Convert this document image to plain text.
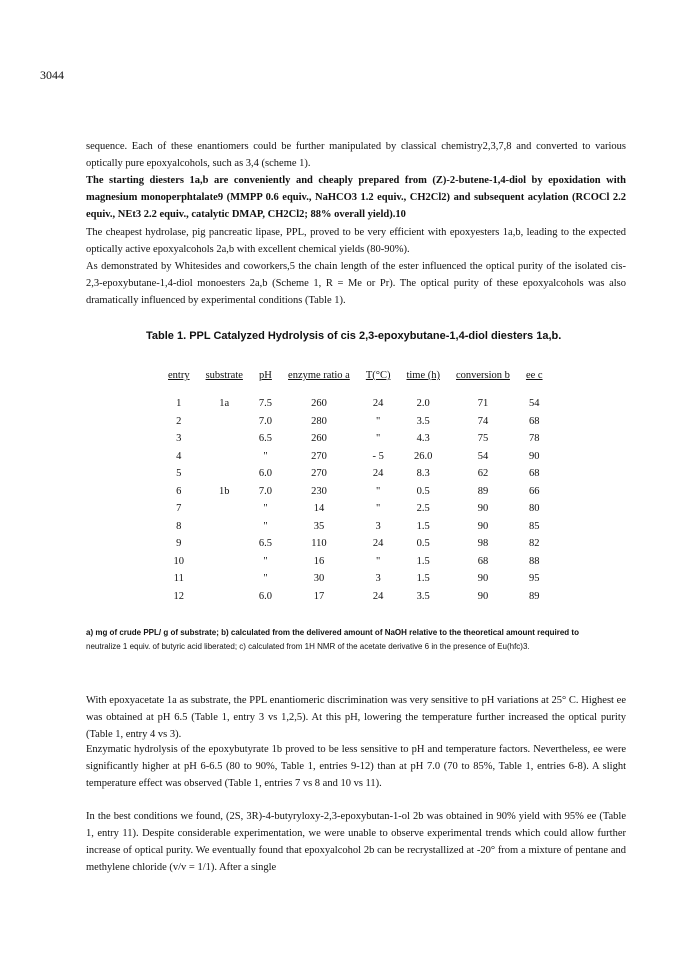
3044
sequence. Each of these enantiomers could be further manipulated by classical chemistry2,3,7,8 and converted to various optically pure epoxyalcohols, such as 3,4 (scheme 1).
The starting diesters 1a,b are conveniently and cheaply prepared from (Z)-2-butene-1,4-diol by epoxidation with magnesium monoperphtalate9 (MMPP 0.6 equiv., NaHCO3 1.2 equiv., CH2Cl2) and subsequent acylation (RCOCl 2.2 equiv., NEt3 2.2 equiv., catalytic DMAP, CH2Cl2; 88% overall yield).10
The cheapest hydrolase, pig pancreatic lipase, PPL, proved to be very efficient with epoxyesters 1a,b, leading to the expected optically active epoxyalcohols 2a,b with excellent chemical yields (80-90%).
As demonstrated by Whitesides and coworkers,5 the chain length of the ester influenced the optical purity of the isolated cis-2,3-epoxybutane-1,4-diol monoesters 2a,b (Scheme 1, R = Me or Pr). The optical purity of these epoxyalcohols was also dramatically influenced by experimental conditions (Table 1).
Table 1. PPL Catalyzed Hydrolysis of cis 2,3-epoxybutane-1,4-diol diesters 1a,b.
entry	substrate	pH	enzyme ratio a	T(°C)	time (h)	conversion b	ee c
1	1a	7.5	260	24	2.0	71	54
2		7.0	280	"	3.5	74	68
3		6.5	260	"	4.3	75	78
4		"	270	- 5	26.0	54	90
5		6.0	270	24	8.3	62	68
6	1b	7.0	230	"	0.5	89	66
7		"	14	"	2.5	90	80
8		"	35	3	1.5	90	85
9		6.5	110	24	0.5	98	82
10		"	16	"	1.5	68	88
11		"	30	3	1.5	90	95
12		6.0	17	24	3.5	90	89
a) mg of crude PPL/ g of substrate; b) calculated from the delivered amount of NaOH relative to the theoretical amount required to
neutralize 1 equiv. of butyric acid liberated; c) calculated from 1H NMR of the acetate derivative 6 in the presence of Eu(hfc)3.
With epoxyacetate 1a as substrate, the PPL enantiomeric discrimination was very sensitive to pH variations at 25° C. Highest ee was obtained at pH 6.5 (Table 1, entry 3 vs 1,2,5). At this pH, lowering the temperature further increased the optical purity (Table 1, entry 4 vs 3).
Enzymatic hydrolysis of the epoxybutyrate 1b proved to be less sensitive to pH and temperature factors. Nevertheless, ee were significantly higher at pH 6-6.5 (80 to 90%, Table 1, entries 9-12) than at pH 7.0 (70 to 85%, Table 1, entries 6-8). A slight temperature effect was observed (Table 1, entries 7 vs 8 and 10 vs 11).
In the best conditions we found, (2S, 3R)-4-butyryloxy-2,3-epoxybutan-1-ol 2b was obtained in 90% yield with 95% ee (Table 1, entry 11). Despite considerable experimentation, we were unable to observe experimental trends which could allow further increase of optical purity. We eventually found that epoxyalcohol 2b can be recrystallized at -20° from a mixture of pentane and methylene chloride (v/v = 1/1). After a single
